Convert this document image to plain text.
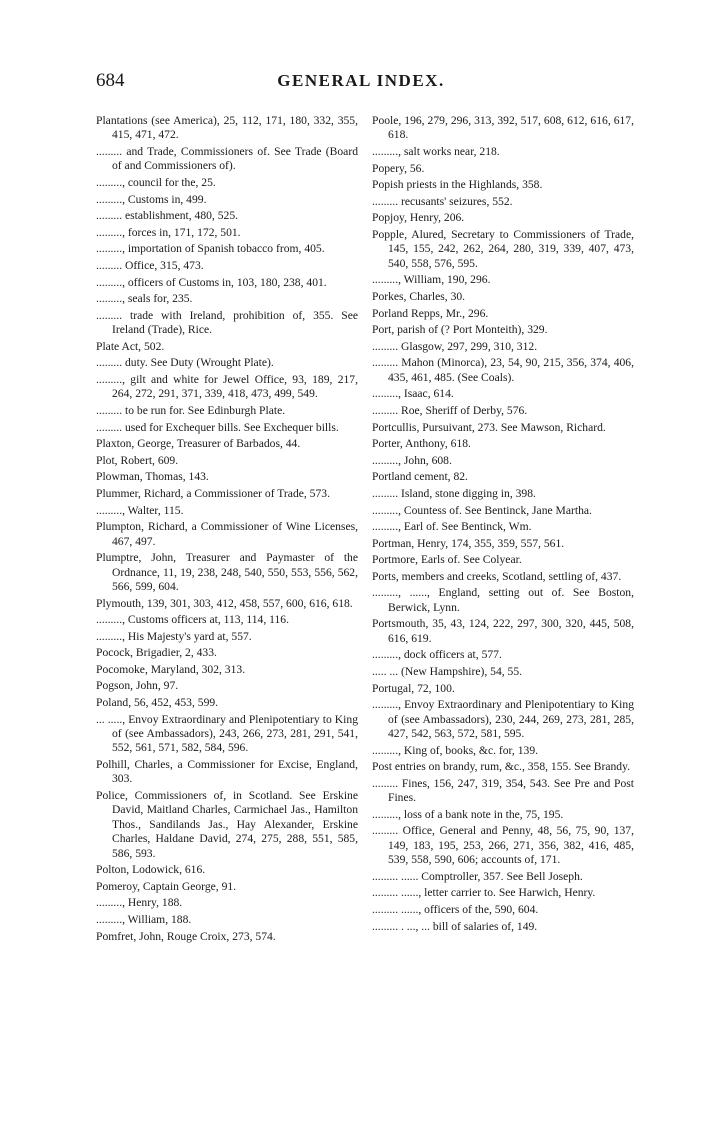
684	GENERAL INDEX.
Plantations (see America), 25, 112, 171, 180, 332, 355, 415, 471, 472.
......... and Trade, Commissioners of. See Trade (Board of and Commissioners of).
........., council for the, 25.
........., Customs in, 499.
......... establishment, 480, 525.
........., forces in, 171, 172, 501.
........., importation of Spanish tobacco from, 405.
......... Office, 315, 473.
........., officers of Customs in, 103, 180, 238, 401.
........., seals for, 235.
......... trade with Ireland, prohibition of, 355. See Ireland (Trade), Rice.
Plate Act, 502.
......... duty. See Duty (Wrought Plate).
........., gilt and white for Jewel Office, 93, 189, 217, 264, 272, 291, 371, 339, 418, 473, 499, 549.
......... to be run for. See Edinburgh Plate.
......... used for Exchequer bills. See Exchequer bills.
Plaxton, George, Treasurer of Barbados, 44.
Plot, Robert, 609.
Plowman, Thomas, 143.
Plummer, Richard, a Commissioner of Trade, 573.
........., Walter, 115.
Plumpton, Richard, a Commissioner of Wine Licenses, 467, 497.
Plumptre, John, Treasurer and Paymaster of the Ordnance, 11, 19, 238, 248, 540, 550, 553, 556, 562, 566, 599, 604.
Plymouth, 139, 301, 303, 412, 458, 557, 600, 616, 618.
........., Customs officers at, 113, 114, 116.
........., His Majesty's yard at, 557.
Pocock, Brigadier, 2, 433.
Pocomoke, Maryland, 302, 313.
Pogson, John, 97.
Poland, 56, 452, 453, 599.
... ....., Envoy Extraordinary and Plenipotentiary to King of (see Ambassadors), 243, 266, 273, 281, 291, 541, 552, 561, 571, 582, 584, 596.
Polhill, Charles, a Commissioner for Excise, England, 303.
Police, Commissioners of, in Scotland. See Erskine David, Maitland Charles, Carmichael Jas., Hamilton Thos., Sandilands Jas., Hay Alexander, Erskine Charles, Haldane David, 274, 275, 288, 551, 585, 586, 593.
Polton, Lodowick, 616.
Pomeroy, Captain George, 91.
........., Henry, 188.
........., William, 188.
Pomfret, John, Rouge Croix, 273, 574.
Poole, 196, 279, 296, 313, 392, 517, 608, 612, 616, 617, 618.
........., salt works near, 218.
Popery, 56.
Popish priests in the Highlands, 358.
......... recusants' seizures, 552.
Popjoy, Henry, 206.
Popple, Alured, Secretary to Commissioners of Trade, 145, 155, 242, 262, 264, 280, 319, 339, 407, 473, 540, 558, 576, 595.
........., William, 190, 296.
Porkes, Charles, 30.
Porland Repps, Mr., 296.
Port, parish of (? Port Monteith), 329.
......... Glasgow, 297, 299, 310, 312.
......... Mahon (Minorca), 23, 54, 90, 215, 356, 374, 406, 435, 461, 485. (See Coals).
........., Isaac, 614.
......... Roe, Sheriff of Derby, 576.
Portcullis, Pursuivant, 273. See Mawson, Richard.
Porter, Anthony, 618.
........., John, 608.
Portland cement, 82.
......... Island, stone digging in, 398.
........., Countess of. See Bentinck, Jane Martha.
........., Earl of. See Bentinck, Wm.
Portman, Henry, 174, 355, 359, 557, 561.
Portmore, Earls of. See Colyear.
Ports, members and creeks, Scotland, settling of, 437.
........., ......, England, setting out of. See Boston, Berwick, Lynn.
Portsmouth, 35, 43, 124, 222, 297, 300, 320, 445, 508, 616, 619.
........., dock officers at, 577.
..... ... (New Hampshire), 54, 55.
Portugal, 72, 100.
........., Envoy Extraordinary and Plenipotentiary to King of (see Ambassadors), 230, 244, 269, 273, 281, 285, 427, 542, 563, 572, 581, 595.
........., King of, books, &c. for, 139.
Post entries on brandy, rum, &c., 358, 155. See Brandy.
......... Fines, 156, 247, 319, 354, 543. See Pre and Post Fines.
........., loss of a bank note in the, 75, 195.
......... Office, General and Penny, 48, 56, 75, 90, 137, 149, 183, 195, 253, 266, 271, 356, 382, 416, 485, 539, 558, 590, 606; accounts of, 171.
......... ...... Comptroller, 357. See Bell Joseph.
......... ......, letter carrier to. See Harwich, Henry.
......... ......, officers of the, 590, 604.
......... . ..., ... bill of salaries of, 149.
